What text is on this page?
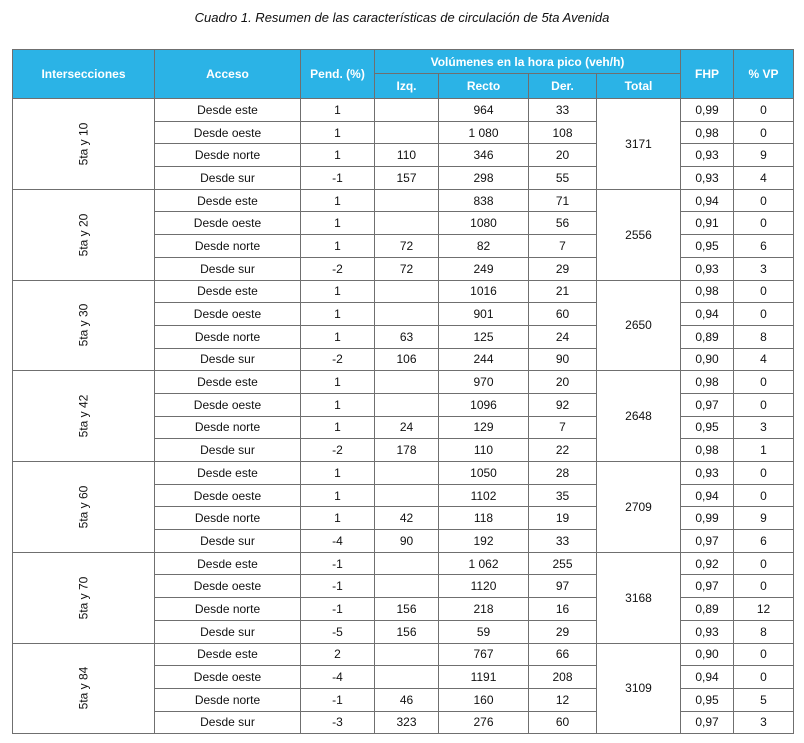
Cuadro 1. Resumen de las características de circulación de 5ta Avenida
Intersecciones	Acceso	Pend. (%)	Volúmenes en la hora pico (veh/h)				FHP	% VP
			Izq.	Recto	Der.	Total		
5ta y 10	Desde este	1		964	33	3171	0,99	0
	Desde oeste	1		1 080	108		0,98	0
	Desde norte	1	110	346	20		0,93	9
	Desde sur	-1	157	298	55		0,93	4
5ta y 20	Desde este	1		838	71	2556	0,94	0
	Desde oeste	1		1080	56		0,91	0
	Desde norte	1	72	82	7		0,95	6
	Desde sur	-2	72	249	29		0,93	3
5ta y 30	Desde este	1		1016	21	2650	0,98	0
	Desde oeste	1		901	60		0,94	0
	Desde norte	1	63	125	24		0,89	8
	Desde sur	-2	106	244	90		0,90	4
5ta y 42	Desde este	1		970	20	2648	0,98	0
	Desde oeste	1		1096	92		0,97	0
	Desde norte	1	24	129	7		0,95	3
	Desde sur	-2	178	110	22		0,98	1
5ta y 60	Desde este	1		1050	28	2709	0,93	0
	Desde oeste	1		1102	35		0,94	0
	Desde norte	1	42	118	19		0,99	9
	Desde sur	-4	90	192	33		0,97	6
5ta y 70	Desde este	-1		1 062	255	3168	0,92	0
	Desde oeste	-1		1120	97		0,97	0
	Desde norte	-1	156	218	16		0,89	12
	Desde sur	-5	156	59	29		0,93	8
5ta y 84	Desde este	2		767	66	3109	0,90	0
	Desde oeste	-4		1191	208		0,94	0
	Desde norte	-1	46	160	12		0,95	5
	Desde sur	-3	323	276	60		0,97	3
